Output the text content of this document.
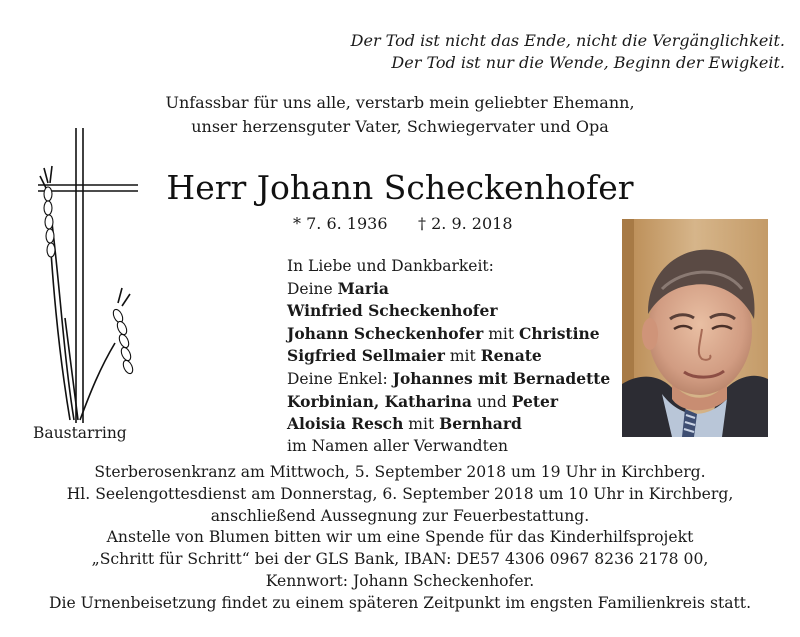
Der Tod ist nicht das Ende, nicht die Vergänglichkeit.
Der Tod ist nur die Wende, Beginn der Ewigkeit.
Unfassbar für uns alle, verstarb mein geliebter Ehemann,
unser herzensguter Vater, Schwiegervater und Opa
Herr Johann Scheckenhofer
* 7. 6. 1936 † 2. 9. 2018
In Liebe und Dankbarkeit:
Deine Maria
Winfried Scheckenhofer
Johann Scheckenhofer mit Christine
Sigfried Sellmaier mit Renate
Deine Enkel: Johannes mit Bernadette
Korbinian, Katharina und Peter
Aloisia Resch mit Bernhard
im Namen aller Verwandten
Baustarring
Sterberosenkranz am Mittwoch, 5. September 2018 um 19 Uhr in Kirchberg.
Hl. Seelengottesdienst am Donnerstag, 6. September 2018 um 10 Uhr in Kirchberg,
anschließend Aussegnung zur Feuerbestattung.
Anstelle von Blumen bitten wir um eine Spende für das Kinderhilfsprojekt
„Schritt für Schritt“ bei der GLS Bank, IBAN: DE57 4306 0967 8236 2178 00,
Kennwort: Johann Scheckenhofer.
Die Urnenbeisetzung findet zu einem späteren Zeitpunkt im engsten Familienkreis statt.
